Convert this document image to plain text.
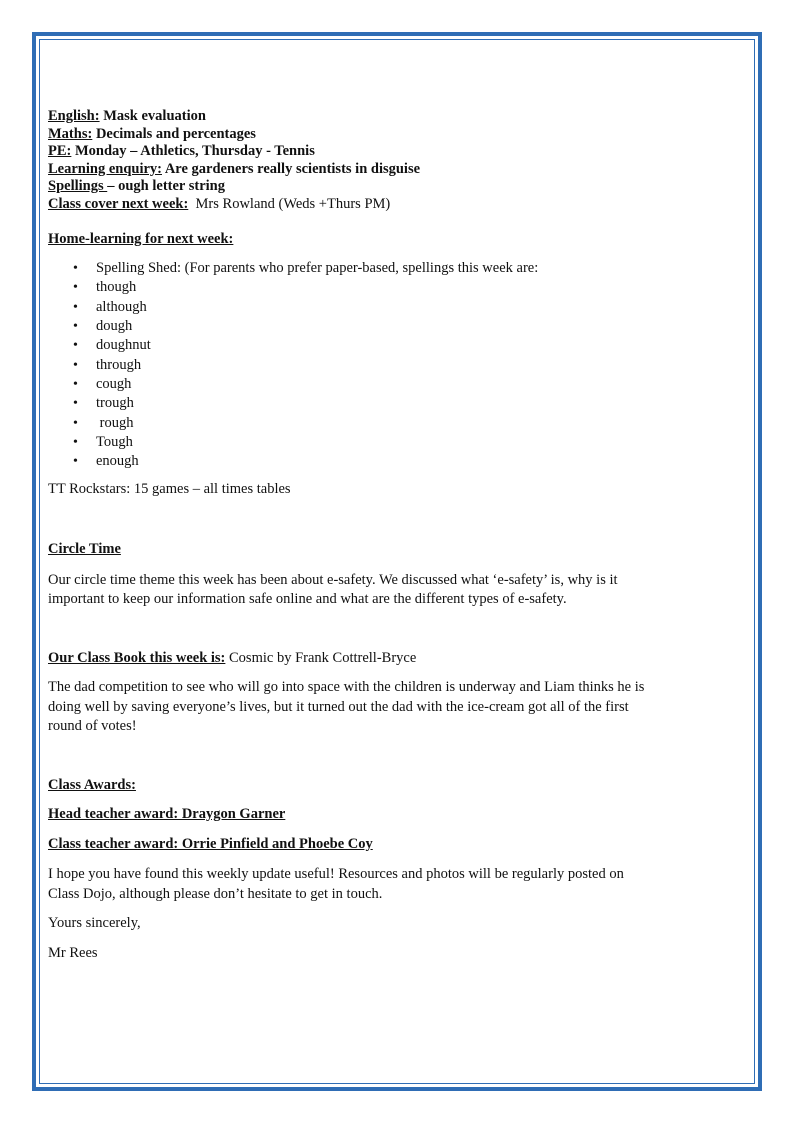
English: Mask evaluation

Maths: Decimals and percentages

PE: Monday – Athletics, Thursday - Tennis

Learning enquiry: Are gardeners really scientists in disguise

Spellings – ough letter string

Class cover next week: Mrs Rowland (Weds +Thurs PM)

Home-learning for next week:

• Spelling Shed: (For parents who prefer paper-based, spellings this week are:
• though
• although
• dough
• doughnut
• through
• cough
• trough
• rough
• Tough
• enough

TT Rockstars: 15 games – all times tables

Circle Time

Our circle time theme this week has been about e-safety. We discussed what ‘e-safety’ is, why is it
important to keep our information safe online and what are the different types of e-safety.

Our Class Book this week is: Cosmic by Frank Cottrell-Bryce

The dad competition to see who will go into space with the children is underway and Liam thinks he is
doing well by saving everyone’s lives, but it turned out the dad with the ice-cream got all of the first
round of votes!

Class Awards:

Head teacher award: Draygon Garner

Class teacher award: Orrie Pinfield and Phoebe Coy

I hope you have found this weekly update useful! Resources and photos will be regularly posted on
Class Dojo, although please don’t hesitate to get in touch.

Yours sincerely,

Mr Rees
